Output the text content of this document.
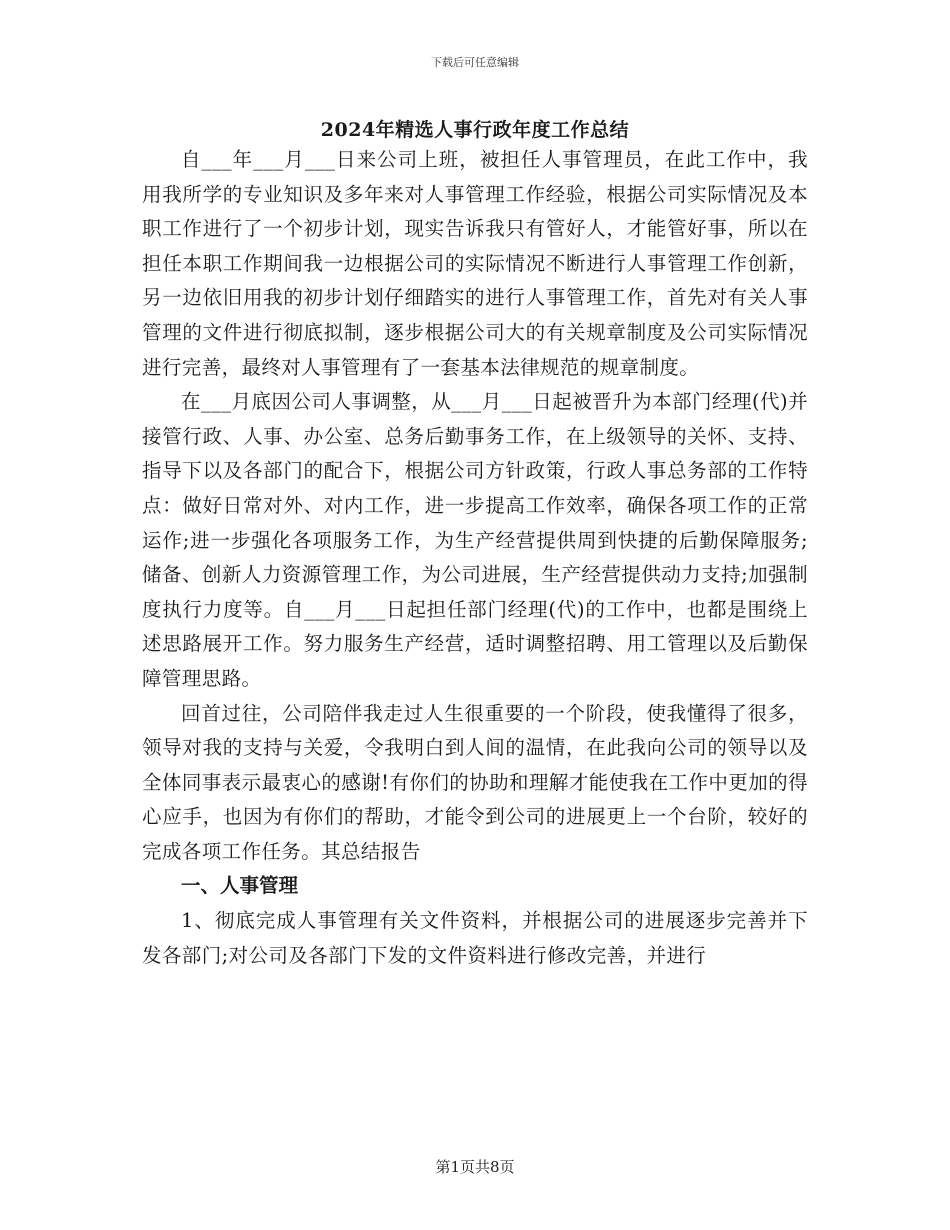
下载后可任意编辑
2024年精选人事行政年度工作总结

自___年___月___日来公司上班，被担任人事管理员，在此工作中，我用我所学的专业知识及多年来对人事管理工作经验，根据公司实际情况及本职工作进行了一个初步计划，现实告诉我只有管好人，才能管好事，所以在担任本职工作期间我一边根据公司的实际情况不断进行人事管理工作创新，另一边依旧用我的初步计划仔细踏实的进行人事管理工作，首先对有关人事管理的文件进行彻底拟制，逐步根据公司大的有关规章制度及公司实际情况进行完善，最终对人事管理有了一套基本法律规范的规章制度。

在___月底因公司人事调整，从___月___日起被晋升为本部门经理(代)并接管行政、人事、办公室、总务后勤事务工作，在上级领导的关怀、支持、指导下以及各部门的配合下，根据公司方针政策，行政人事总务部的工作特点：做好日常对外、对内工作，进一步提高工作效率，确保各项工作的正常运作;进一步强化各项服务工作，为生产经营提供周到快捷的后勤保障服务;储备、创新人力资源管理工作，为公司进展，生产经营提供动力支持;加强制度执行力度等。自___月___日起担任部门经理(代)的工作中，也都是围绕上述思路展开工作。努力服务生产经营，适时调整招聘、用工管理以及后勤保障管理思路。

回首过往，公司陪伴我走过人生很重要的一个阶段，使我懂得了很多，领导对我的支持与关爱，令我明白到人间的温情，在此我向公司的领导以及全体同事表示最衷心的感谢!有你们的协助和理解才能使我在工作中更加的得心应手，也因为有你们的帮助，才能令到公司的进展更上一个台阶，较好的完成各项工作任务。其总结报告

一、人事管理

1、彻底完成人事管理有关文件资料，并根据公司的进展逐步完善并下发各部门;对公司及各部门下发的文件资料进行修改完善，并进行

第1页共8页
